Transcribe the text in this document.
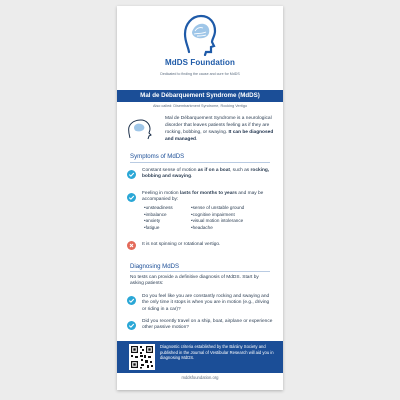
MdDS Foundation
Dedicated to finding the cause and cure for MdDS
Mal de Débarquement Syndrome (MdDS)
Also called: Disembarkment Syndrome, Rocking Vertigo
Mal de Débarquement Syndrome is a neurological disorder that leaves patients feeling as if they are rocking, bobbing, or swaying. It can be diagnosed and managed.
Symptoms of MdDS
Constant sense of motion as if on a boat, such as rocking, bobbing and swaying.
Feeling in motion lasts for months to years and may be accompanied by:
• unsteadiness
• imbalance
• anxiety
• fatigue
• sense of unstable ground
• cognitive impairment
• visual motion intolerance
• headache
It is not spinning or rotational vertigo.
Diagnosing MdDS
No tests can provide a definitive diagnosis of MdDS. Start by asking patients:
Do you feel like you are constantly rocking and swaying and the only time it stops is when you are in motion (e.g., driving or riding in a car)?
Did you recently travel on a ship, boat, airplane or experience other passive motion?
Diagnostic criteria established by the Bárány Society and published in the Journal of Vestibular Research will aid you in diagnosing MdDS.
mddsfoundation.org
